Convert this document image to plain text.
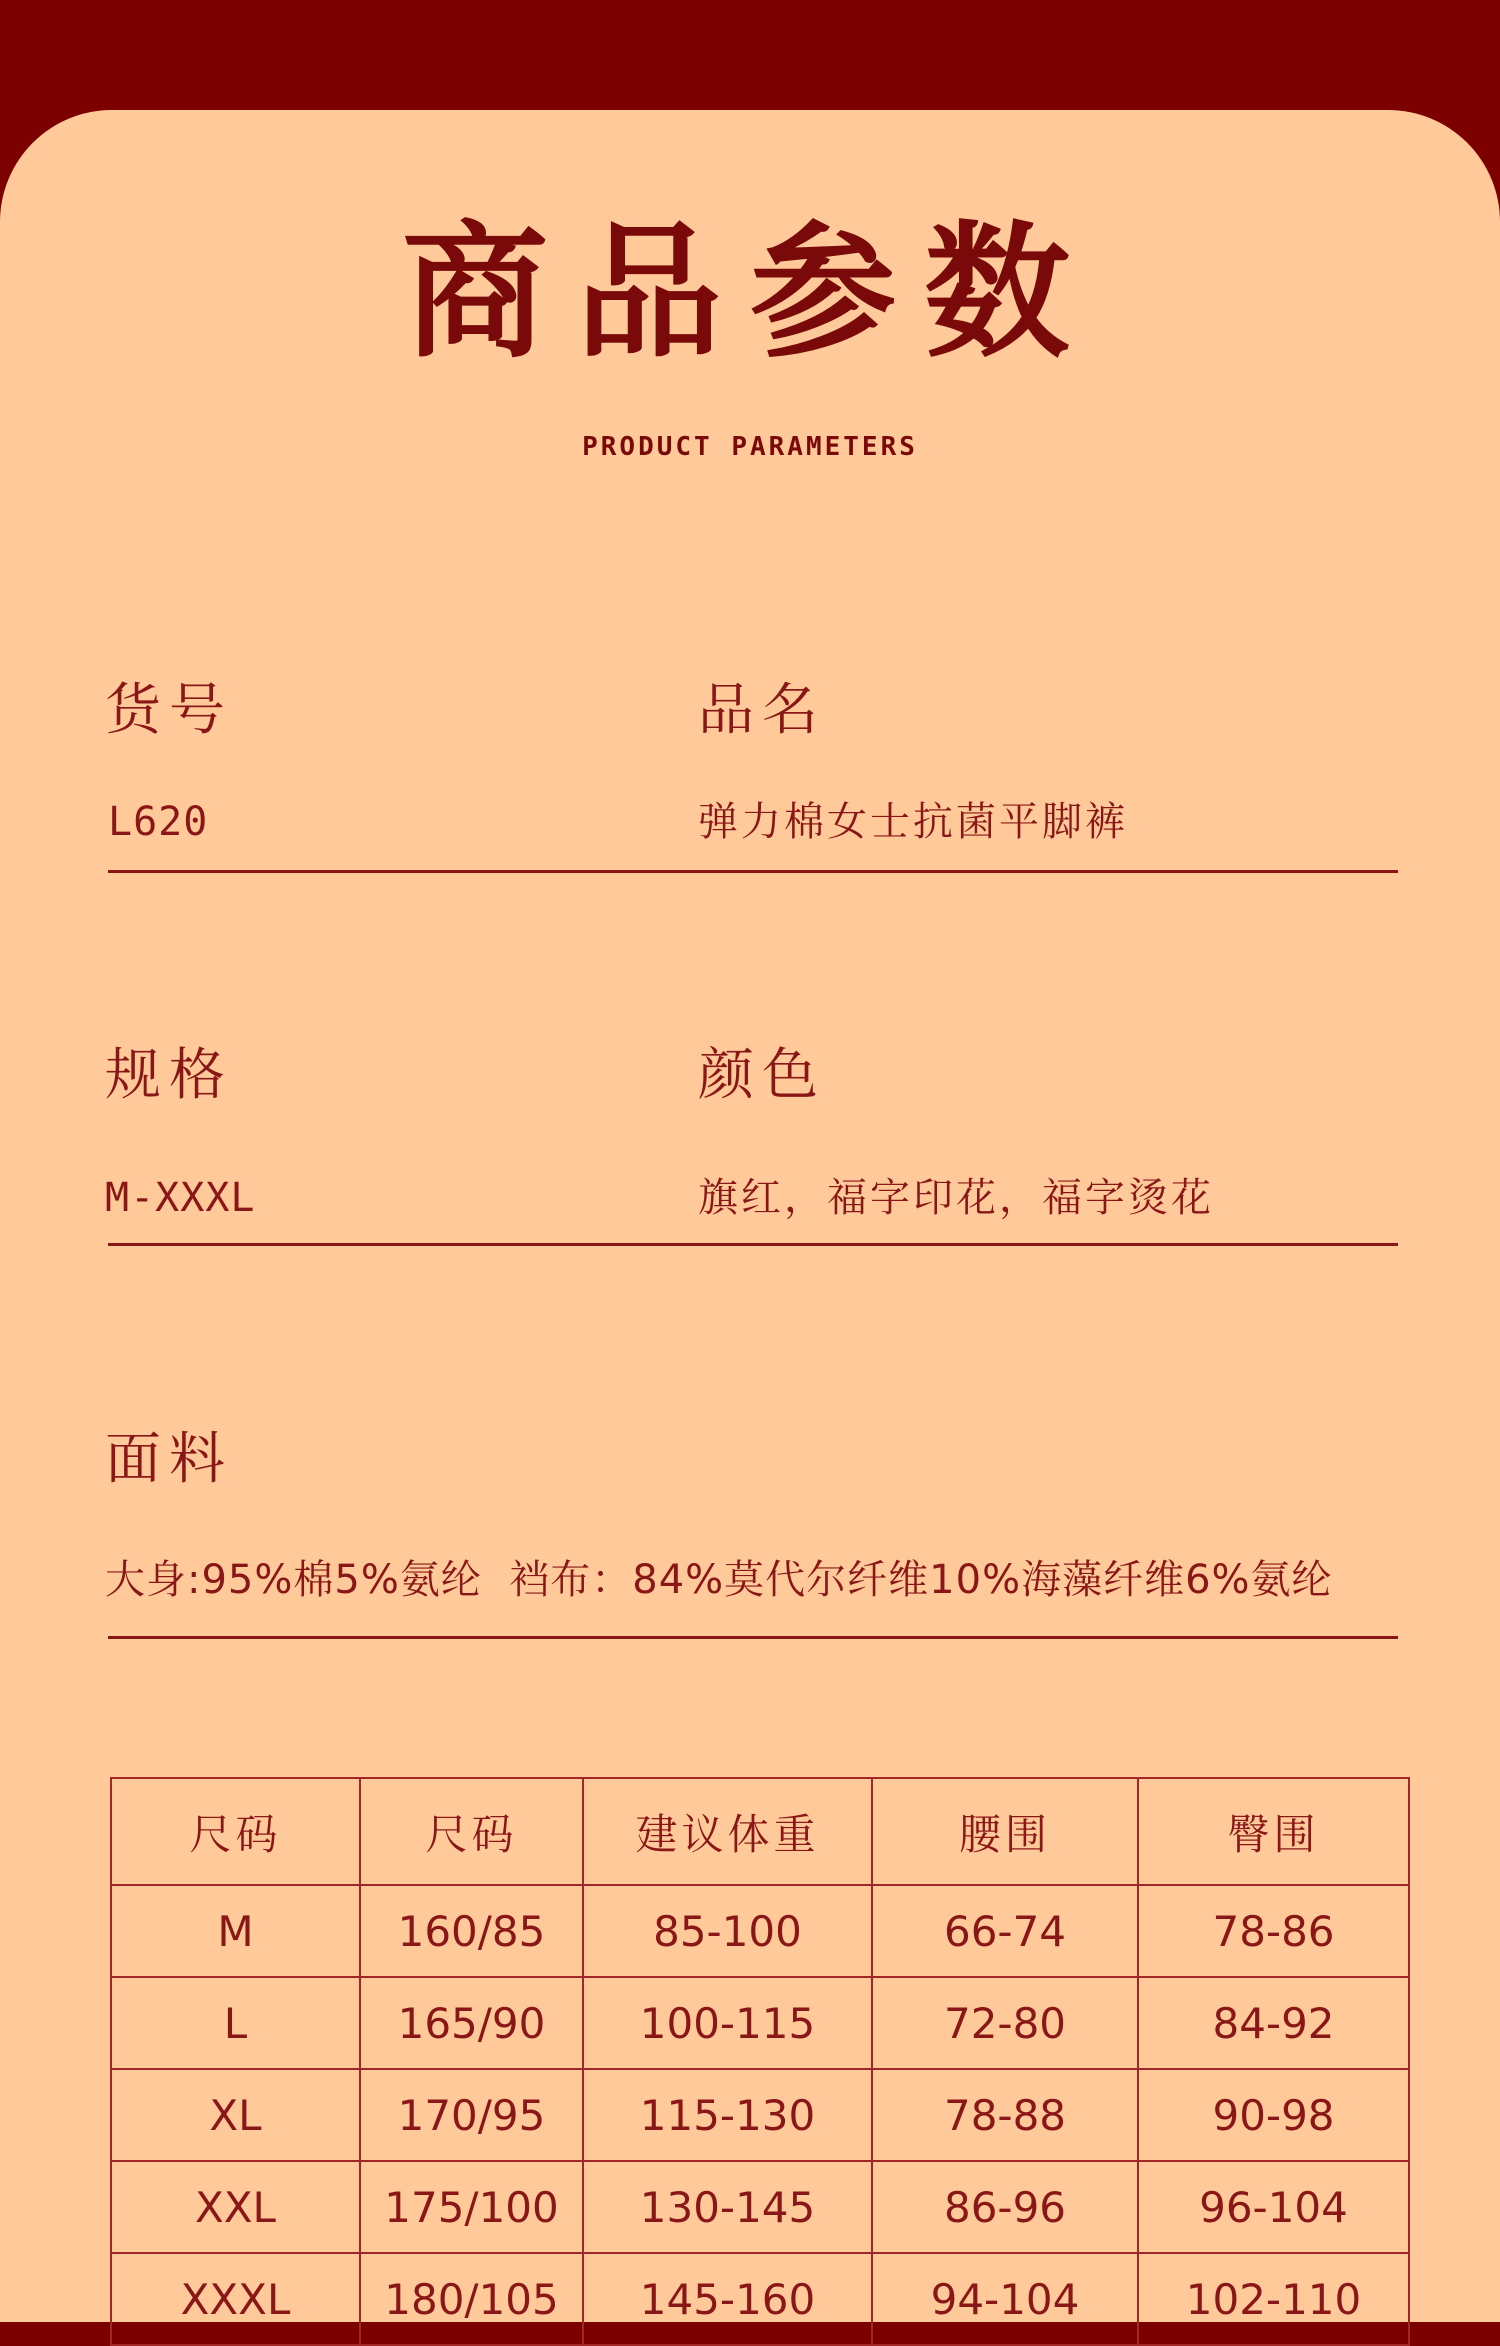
商品参数
PRODUCT PARAMETERS
货号	品名
L620	弹力棉女士抗菌平脚裤
规格	颜色
M-XXXL	旗红，福字印花，福字烫花
面料
大身:95%棉5%氨纶  裆布：84%莫代尔纤维10%海藻纤维6%氨纶
尺码	尺码	建议体重	腰围	臀围
M	160/85	85-100	66-74	78-86
L	165/90	100-115	72-80	84-92
XL	170/95	115-130	78-88	90-98
XXL	175/100	130-145	86-96	96-104
XXXL	180/105	145-160	94-104	102-110
